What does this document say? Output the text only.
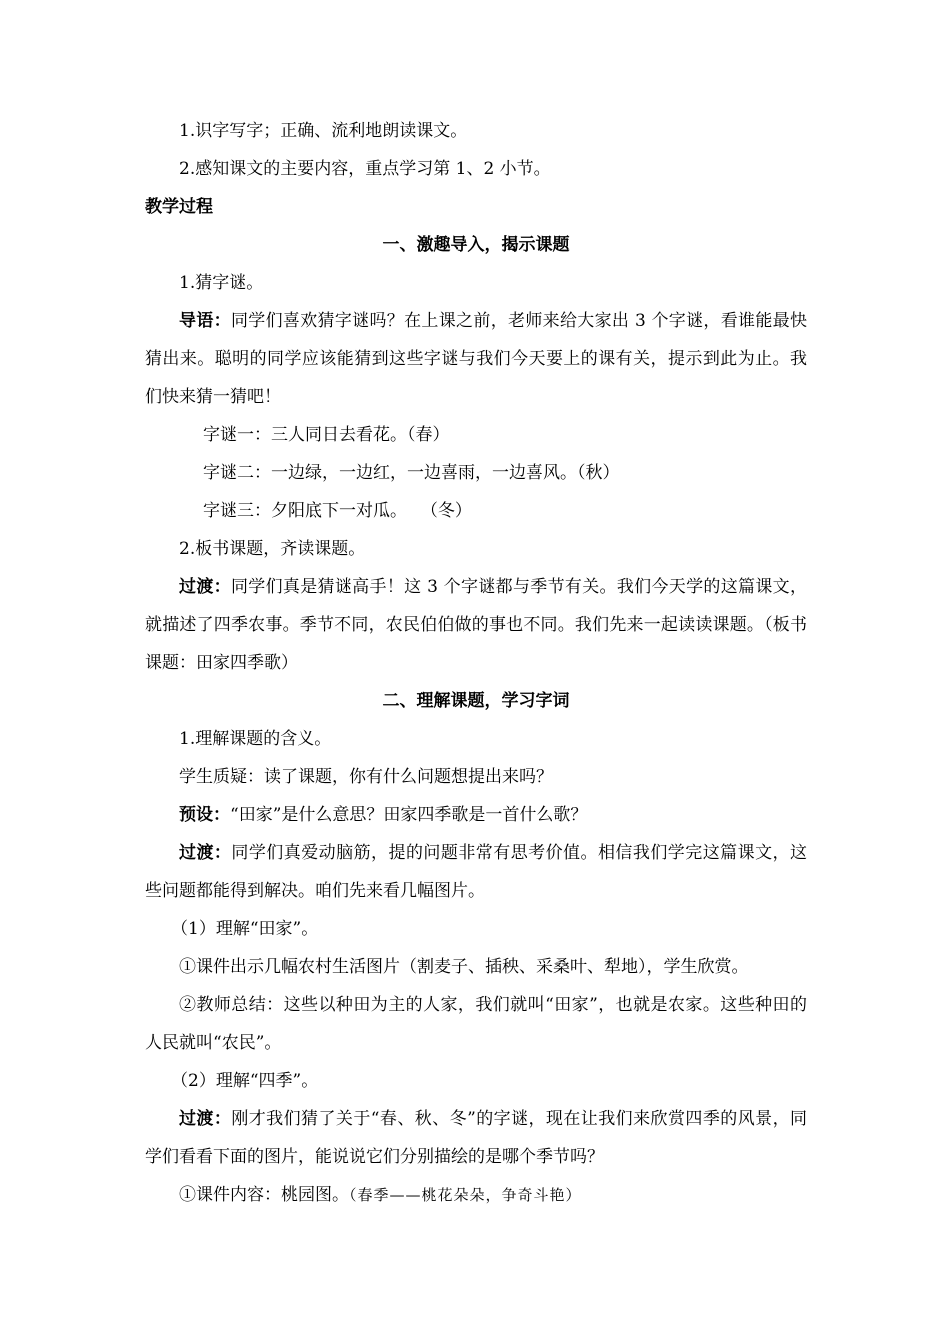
1.识字写字；正确、流利地朗读课文。
2.感知课文的主要内容，重点学习第 1、2 小节。
教学过程
一、激趣导入，揭示课题
1.猜字谜。
导语：同学们喜欢猜字谜吗？在上课之前，老师来给大家出 3 个字谜，看谁能最快猜出来。聪明的同学应该能猜到这些字谜与我们今天要上的课有关，提示到此为止。我们快来猜一猜吧！
字谜一：三人同日去看花。（春）
字谜二：一边绿，一边红，一边喜雨，一边喜风。（秋）
字谜三：夕阳底下一对瓜。　 （冬）
2.板书课题，齐读课题。
过渡：同学们真是猜谜高手！这 3 个字谜都与季节有关。我们今天学的这篇课文，就描述了四季农事。季节不同，农民伯伯做的事也不同。我们先来一起读读课题。（板书课题：田家四季歌）
二、理解课题，学习字词
1.理解课题的含义。
学生质疑：读了课题，你有什么问题想提出来吗？
预设：“田家”是什么意思？田家四季歌是一首什么歌？
过渡：同学们真爱动脑筋，提的问题非常有思考价值。相信我们学完这篇课文，这些问题都能得到解决。咱们先来看几幅图片。
（1）理解“田家”。
①课件出示几幅农村生活图片（割麦子、插秧、采桑叶、犁地），学生欣赏。
②教师总结：这些以种田为主的人家，我们就叫“田家”，也就是农家。这些种田的人民就叫“农民”。
（2）理解“四季”。
过渡：刚才我们猜了关于“春、秋、冬”的字谜，现在让我们来欣赏四季的风景，同学们看看下面的图片，能说说它们分别描绘的是哪个季节吗？
①课件内容：桃园图。（春季——桃花朵朵，争奇斗艳）
